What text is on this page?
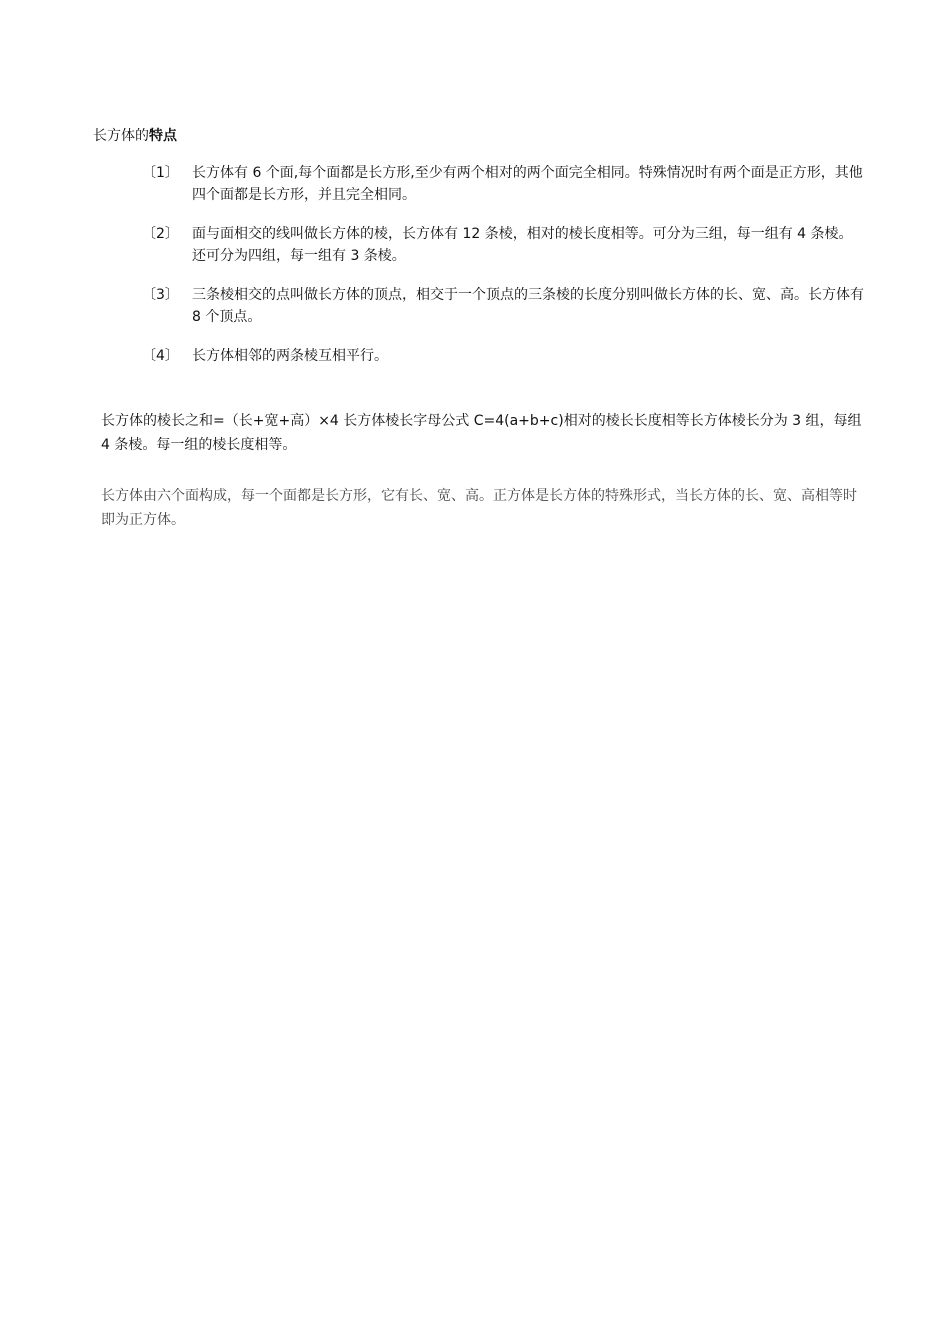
长方体的特点
〔1〕 长方体有 6 个面,每个面都是长方形,至少有两个相对的两个面完全相同。特殊情况时有两个面是正方形，其他四个面都是长方形，并且完全相同。
〔2〕 面与面相交的线叫做长方体的棱，长方体有 12 条棱，相对的棱长度相等。可分为三组，每一组有 4 条棱。还可分为四组，每一组有 3 条棱。
〔3〕 三条棱相交的点叫做长方体的顶点，相交于一个顶点的三条棱的长度分别叫做长方体的长、宽、高。长方体有 8 个顶点。
〔4〕 长方体相邻的两条棱互相平行。
长方体的棱长之和=（长+宽+高）×4 长方体棱长字母公式 C=4(a+b+c)相对的棱长长度相等长方体棱长分为 3 组，每组 4 条棱。每一组的棱长度相等。
长方体由六个面构成，每一个面都是长方形，它有长、宽、高。正方体是长方体的特殊形式，当长方体的长、宽、高相等时即为正方体。
